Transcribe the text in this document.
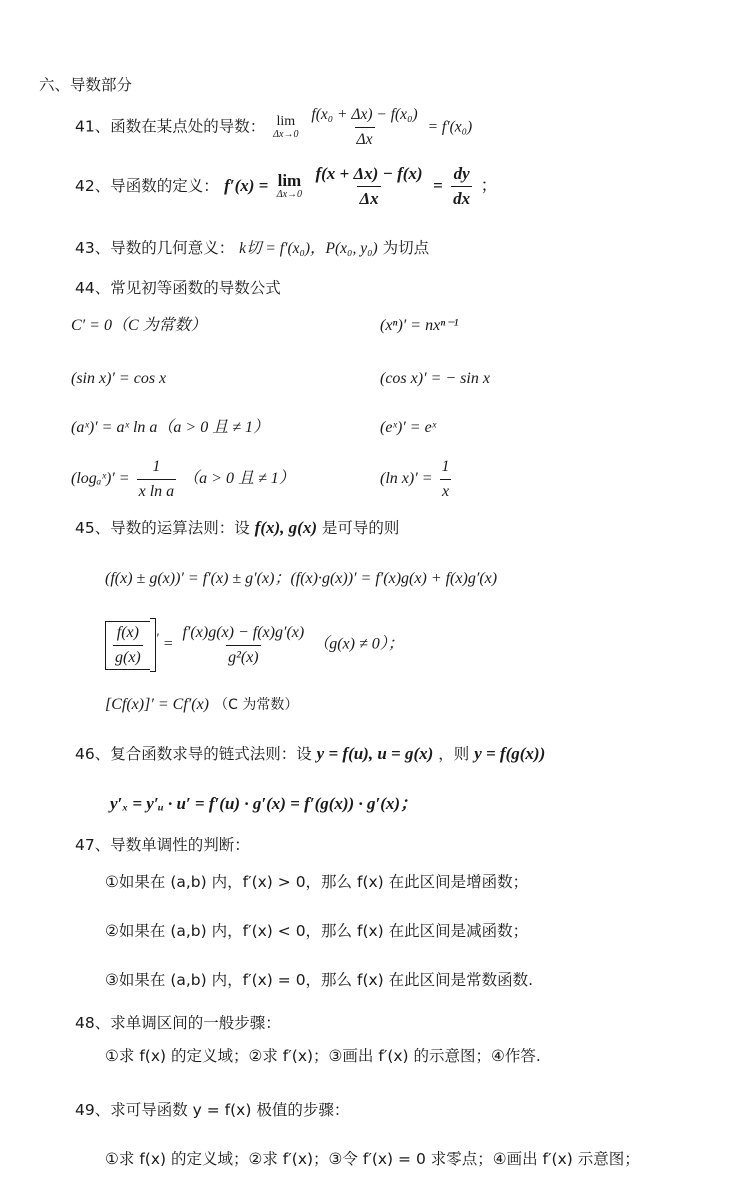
六、导数部分
41、函数在某点处的导数： lim
Δx→0
$\frac{\text{f(x₀ + Δx) − f(x₀)}}{\Delta x} = f'(x_0)$
42、导函数的定义： f′(x) = lim
Δx→0
$\frac{f(x + \Delta x) - f(x)}{\Delta x} = \frac{dy}{dx}$ ；
43、导数的几何意义： k切 = f′(x₀)，P(x₀, y₀) 为切点
44、常见初等函数的导数公式
C′ = 0（C 为常数）	(xⁿ)′ = nxⁿ⁻¹
(sin x)′ = cos x	(cos x)′ = − sin x
(aˣ)′ = aˣ ln a（a > 0 且 ≠ 1）	(eˣ)′ = eˣ
(logₐˣ)′ = $\frac{1}{\text{x ln a}} (a > 0$ 且 ≠ 1）	(ln $x)' = \frac{1}{x}$
45、导数的运算法则：设 f(x), g(x) 是可导的则
(f(x) ± g(x))′ = f′(x) ± g′(x)；(f(x)·g(x))′ = f′(x)g(x) + f(x)g′(x)
$\frac{f(x)}{g(x)} ' = \frac{f'(x)g(x) - f(x)g'(x)}{\text{g²(x)}} (g(x) \ne 0)$；
[Cf(x)]′ = Cf′(x) （C 为常数）
46、复合函数求导的链式法则：设 y = f(u), u = g(x) ，则 y = f(g(x))
y′ₓ = y′ᵤ · u′ = f′(u) · g′(x) = f′(g(x)) · g′(x)；
47、导数单调性的判断：
①如果在 (a,b) 内，f′(x) > 0，那么 f(x) 在此区间是增函数；
②如果在 (a,b) 内，f′(x) < 0，那么 f(x) 在此区间是减函数；
③如果在 (a,b) 内，f′(x) = 0，那么 f(x) 在此区间是常数函数.
48、求单调区间的一般步骤：
①求 f(x) 的定义域；②求 f′(x)；③画出 f′(x) 的示意图；④作答.
49、求可导函数 y = f(x) 极值的步骤：
①求 f(x) 的定义域；②求 f′(x)；③令 f′(x) = 0 求零点；④画出 f′(x) 示意图；
